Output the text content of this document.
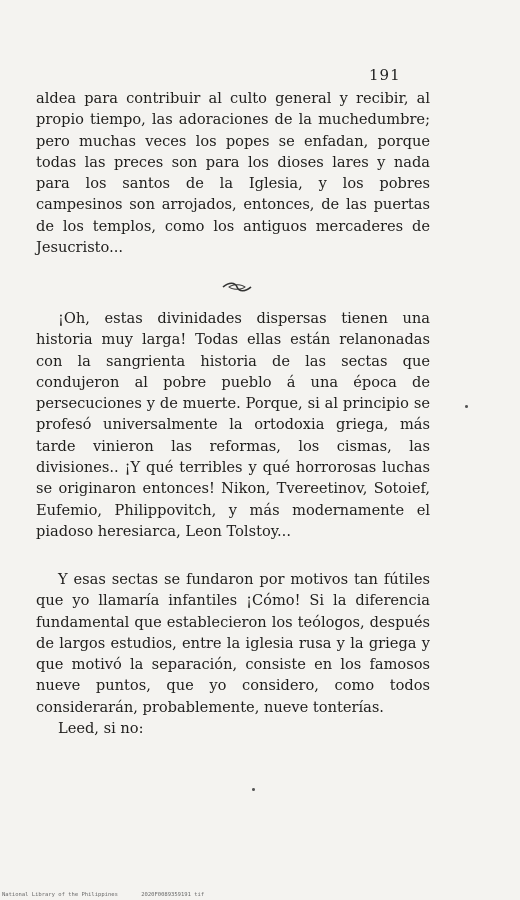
191

aldea para contribuir al culto general y recibir, al propio tiempo, las adoraciones de la muchedumbre; pero muchas veces los popes se enfadan, porque todas las preces son para los dioses lares y nada para los santos de la Iglesia, y los pobres campesinos son arrojados, entonces, de las puertas de los templos, como los antiguos mercaderes de Jesucristo...

¡Oh, estas divinidades dispersas tienen una historia muy larga! Todas ellas están relanonadas con la sangrienta historia de las sectas que condujeron al pobre pueblo á una época de persecuciones y de muerte. Porque, si al principio se profesó universalmente la ortodoxia griega, más tarde vinieron las reformas, los cismas, las divisiones.. ¡Y qué terribles y qué horrorosas luchas se originaron entonces! Nikon, Tvereetinov, Sotoief, Eufemio, Philippovitch, y más modernamente el piadoso heresiarca, Leon Tolstoy...

Y esas sectas se fundaron por motivos tan fútiles que yo llamaría infantiles ¡Cómo! Si la diferencia fundamental que establecieron los teólogos, después de largos estudios, entre la iglesia rusa y la griega y que motivó la separación, consiste en los famosos nueve puntos, que yo considero, como todos considerarán, probablemente, nueve tonterías.

Leed, si no:

National Library of the Philippines	2020F0089359191 tif
